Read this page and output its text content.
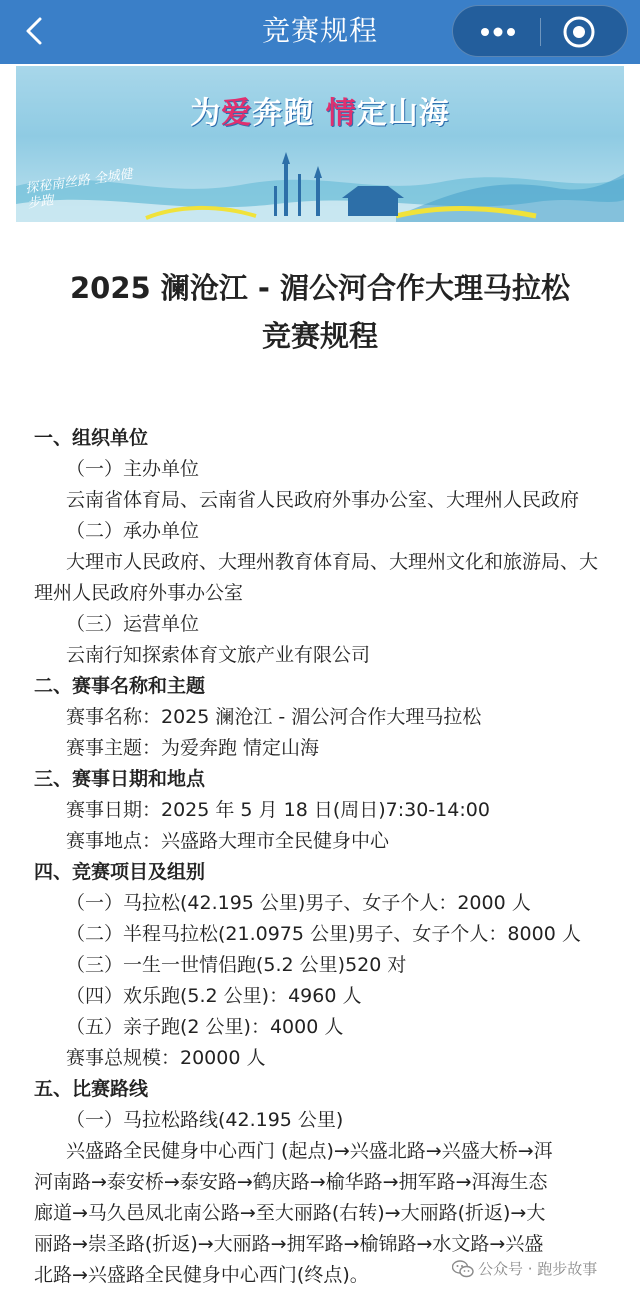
竞赛规程
为爱奔跑 情定山海
探秘南丝路 全城健步跑
2025 澜沧江 - 湄公河合作大理马拉松
竞赛规程
一、组织单位
（一）主办单位
云南省体育局、云南省人民政府外事办公室、大理州人民政府
（二）承办单位
大理市人民政府、大理州教育体育局、大理州文化和旅游局、大
理州人民政府外事办公室
（三）运营单位
云南行知探索体育文旅产业有限公司
二、赛事名称和主题
赛事名称：2025 澜沧江 - 湄公河合作大理马拉松
赛事主题：为爱奔跑 情定山海
三、赛事日期和地点
赛事日期：2025 年 5 月 18 日(周日)7:30-14:00
赛事地点：兴盛路大理市全民健身中心
四、竞赛项目及组别
（一）马拉松(42.195 公里)男子、女子个人：2000 人
（二）半程马拉松(21.0975 公里)男子、女子个人：8000 人
（三）一生一世情侣跑(5.2 公里)520 对
（四）欢乐跑(5.2 公里)：4960 人
（五）亲子跑(2 公里)：4000 人
赛事总规模：20000 人
五、比赛路线
（一）马拉松路线(42.195 公里)
兴盛路全民健身中心西门 (起点)→兴盛北路→兴盛大桥→洱
河南路→泰安桥→泰安路→鹤庆路→榆华路→拥军路→洱海生态
廊道→马久邑凤北南公路→至大丽路(右转)→大丽路(折返)→大
丽路→崇圣路(折返)→大丽路→拥军路→榆锦路→水文路→兴盛
北路→兴盛路全民健身中心西门(终点)。	公众号 · 跑步故事
